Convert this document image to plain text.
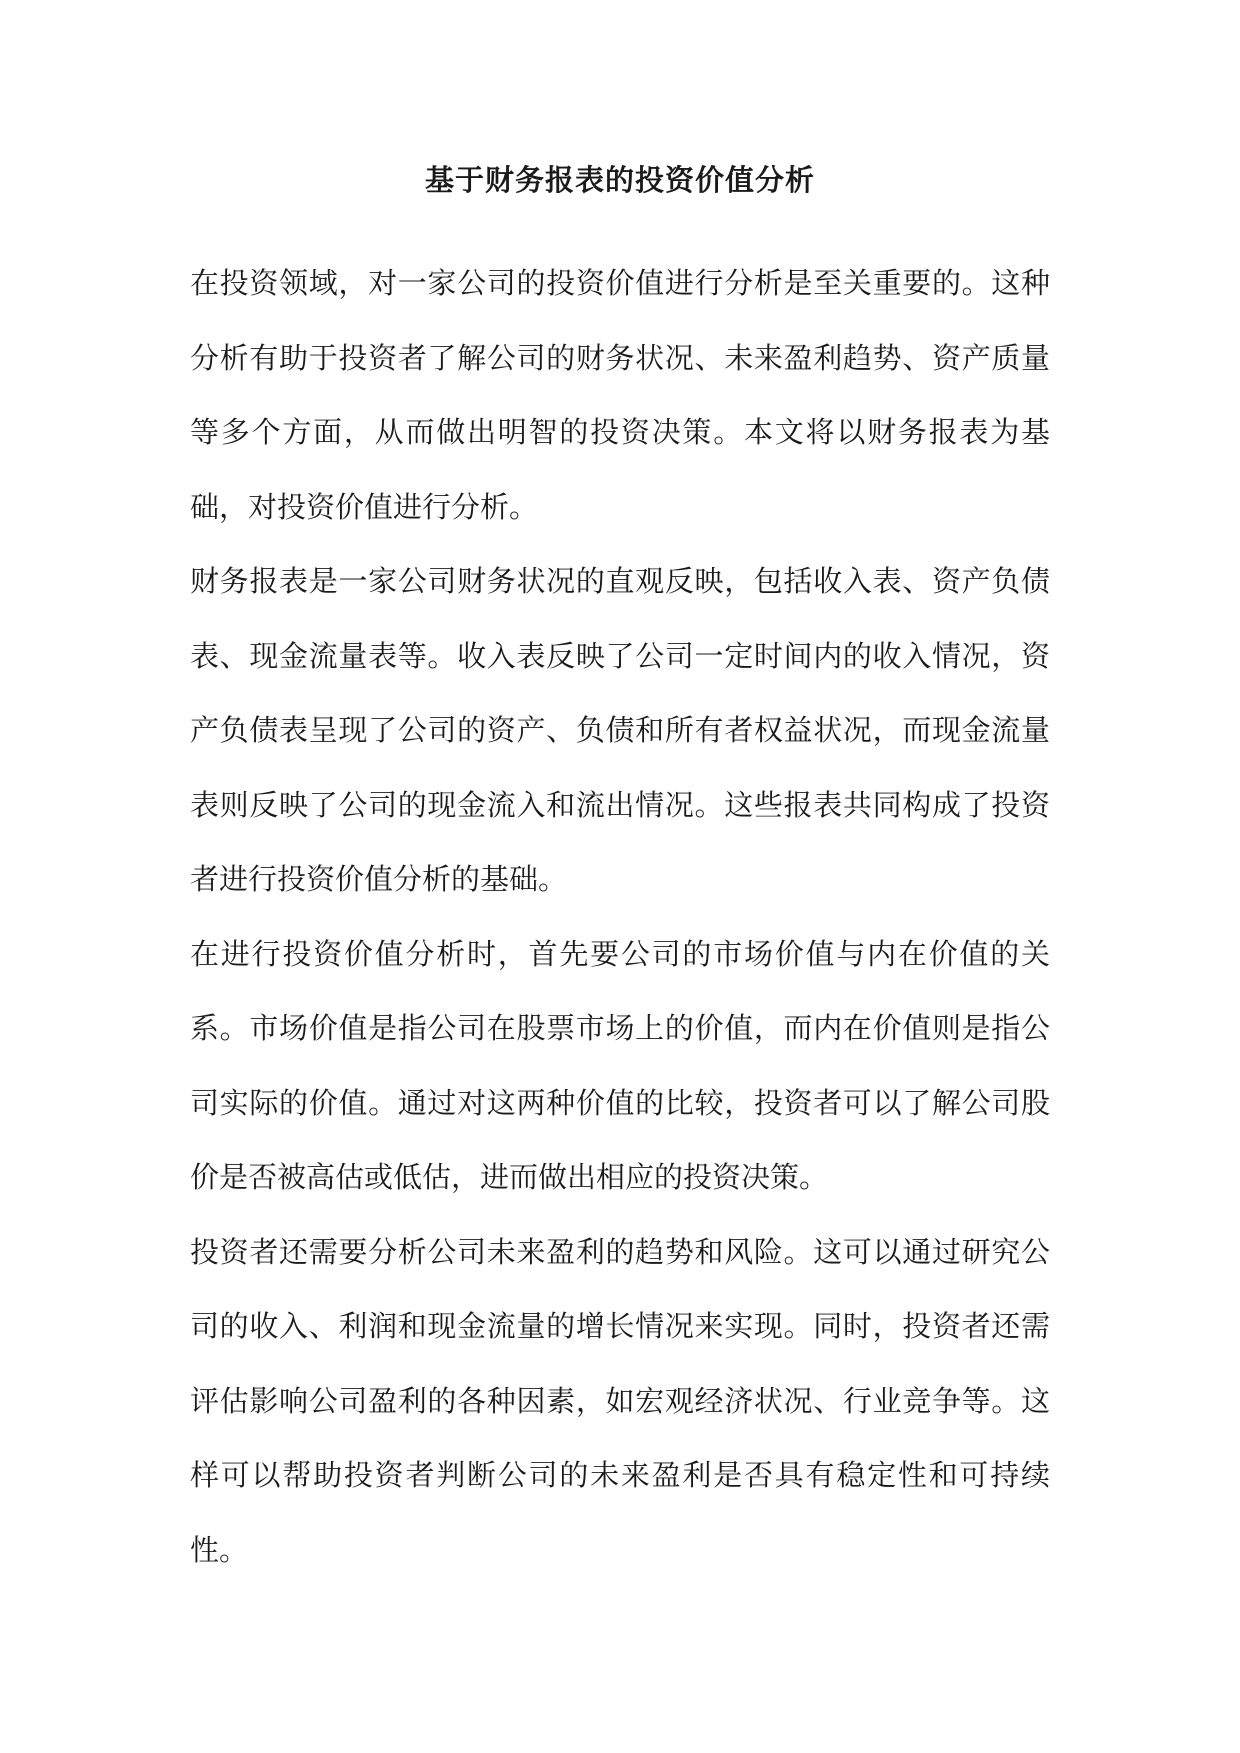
基于财务报表的投资价值分析

在投资领域，对一家公司的投资价值进行分析是至关重要的。这种分析有助于投资者了解公司的财务状况、未来盈利趋势、资产质量等多个方面，从而做出明智的投资决策。本文将以财务报表为基础，对投资价值进行分析。

财务报表是一家公司财务状况的直观反映，包括收入表、资产负债表、现金流量表等。收入表反映了公司一定时间内的收入情况，资产负债表呈现了公司的资产、负债和所有者权益状况，而现金流量表则反映了公司的现金流入和流出情况。这些报表共同构成了投资者进行投资价值分析的基础。

在进行投资价值分析时，首先要公司的市场价值与内在价值的关系。市场价值是指公司在股票市场上的价值，而内在价值则是指公司实际的价值。通过对这两种价值的比较，投资者可以了解公司股价是否被高估或低估，进而做出相应的投资决策。

投资者还需要分析公司未来盈利的趋势和风险。这可以通过研究公司的收入、利润和现金流量的增长情况来实现。同时，投资者还需评估影响公司盈利的各种因素，如宏观经济状况、行业竞争等。这样可以帮助投资者判断公司的未来盈利是否具有稳定性和可持续性。
